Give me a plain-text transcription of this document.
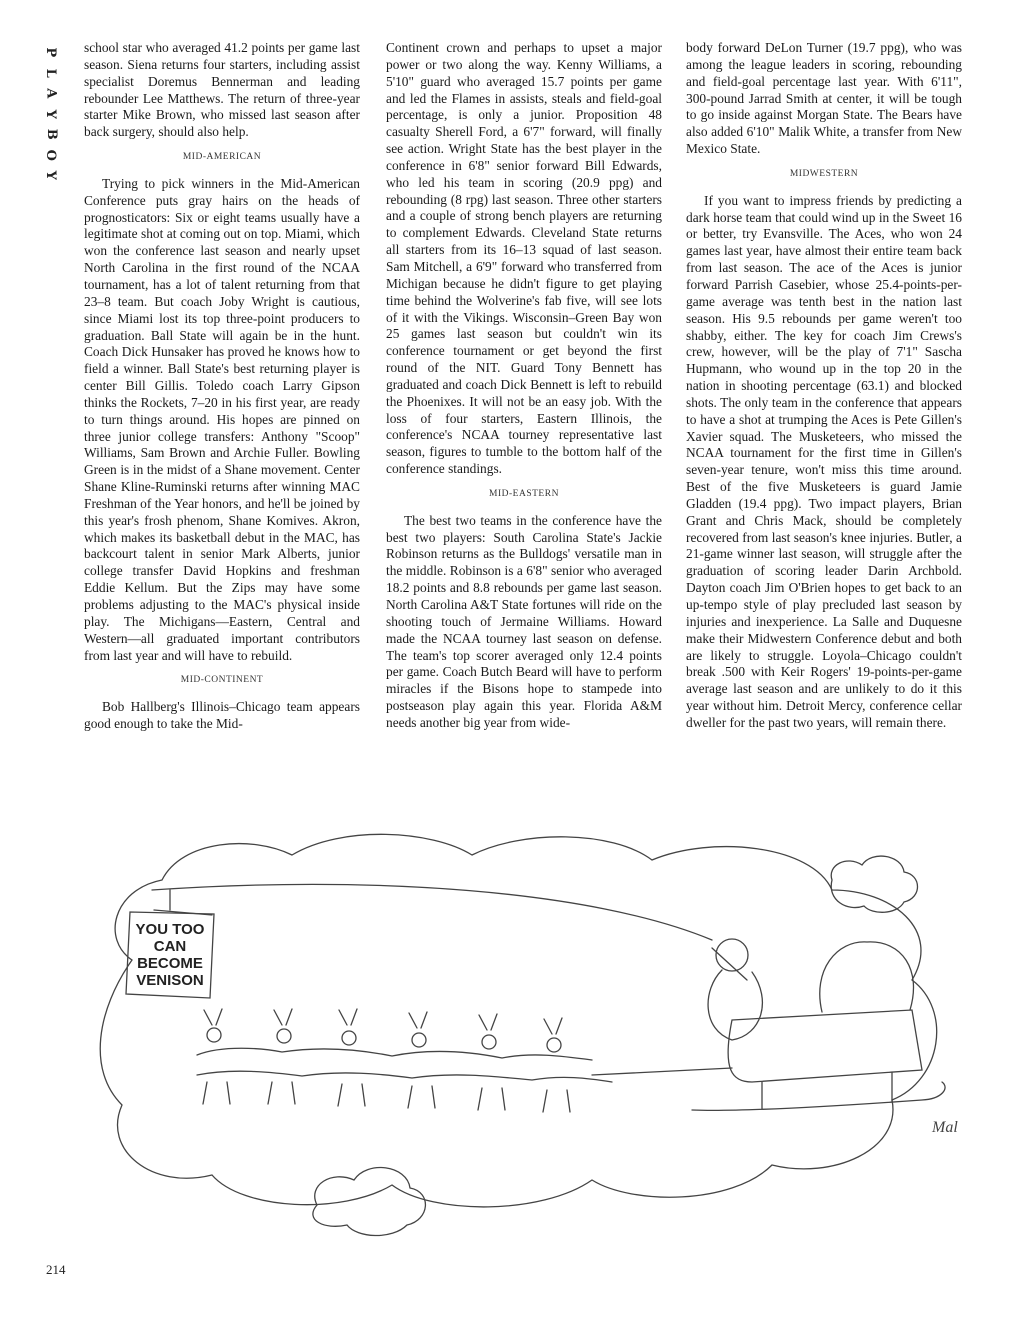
P
L
A
Y
B
O
Y

school star who averaged 41.2 points per game last season. Siena returns four starters, including assist specialist Doremus Bennerman and leading rebounder Lee Matthews. The return of three-year starter Mike Brown, who missed last season after back surgery, should also help.

MID-AMERICAN

Trying to pick winners in the Mid-American Conference puts gray hairs on the heads of prognosticators: Six or eight teams usually have a legitimate shot at coming out on top. Miami, which won the conference last season and nearly upset North Carolina in the first round of the NCAA tournament, has a lot of talent returning from that 23–8 team. But coach Joby Wright is cautious, since Miami lost its top three-point producers to graduation. Ball State will again be in the hunt. Coach Dick Hunsaker has proved he knows how to field a winner. Ball State's best returning player is center Bill Gillis. Toledo coach Larry Gipson thinks the Rockets, 7–20 in his first year, are ready to turn things around. His hopes are pinned on three junior college transfers: Anthony "Scoop" Williams, Sam Brown and Archie Fuller. Bowling Green is in the midst of a Shane movement. Center Shane Kline-Ruminski returns after winning MAC Freshman of the Year honors, and he'll be joined by this year's frosh phenom, Shane Komives. Akron, which makes its basketball debut in the MAC, has backcourt talent in senior Mark Alberts, junior college transfer David Hopkins and freshman Eddie Kellum. But the Zips may have some problems adjusting to the MAC's physical inside play. The Michigans—Eastern, Central and Western—all graduated important contributors from last year and will have to rebuild.

MID-CONTINENT

Bob Hallberg's Illinois–Chicago team appears good enough to take the Mid-

Continent crown and perhaps to upset a major power or two along the way. Kenny Williams, a 5'10" guard who averaged 15.7 points per game and led the Flames in assists, steals and field-goal percentage, is only a junior. Proposition 48 casualty Sherell Ford, a 6'7" forward, will finally see action. Wright State has the best player in the conference in 6'8" senior forward Bill Edwards, who led his team in scoring (20.9 ppg) and rebounding (8 rpg) last season. Three other starters and a couple of strong bench players are returning to complement Edwards. Cleveland State returns all starters from its 16–13 squad of last season. Sam Mitchell, a 6'9" forward who transferred from Michigan because he didn't figure to get playing time behind the Wolverine's fab five, will see lots of it with the Vikings. Wisconsin–Green Bay won 25 games last season but couldn't win its conference tournament or get beyond the first round of the NIT. Guard Tony Bennett has graduated and coach Dick Bennett is left to rebuild the Phoenixes. It will not be an easy job. With the loss of four starters, Eastern Illinois, the conference's NCAA tourney representative last season, figures to tumble to the bottom half of the conference standings.

MID-EASTERN

The best two teams in the conference have the best two players: South Carolina State's Jackie Robinson returns as the Bulldogs' versatile man in the middle. Robinson is a 6'8" senior who averaged 18.2 points and 8.8 rebounds per game last season. North Carolina A&T State fortunes will ride on the shooting touch of Jermaine Williams. Howard made the NCAA tourney last season on defense. The team's top scorer averaged only 12.4 points per game. Coach Butch Beard will have to perform miracles if the Bisons hope to stampede into postseason play again this year. Florida A&M needs another big year from wide-

body forward DeLon Turner (19.7 ppg), who was among the league leaders in scoring, rebounding and field-goal percentage last year. With 6'11", 300-pound Jarrad Smith at center, it will be tough to go inside against Morgan State. The Bears have also added 6'10" Malik White, a transfer from New Mexico State.

MIDWESTERN

If you want to impress friends by predicting a dark horse team that could wind up in the Sweet 16 or better, try Evansville. The Aces, who won 24 games last year, have almost their entire team back from last season. The ace of the Aces is junior forward Parrish Casebier, whose 25.4-points-per-game average was tenth best in the nation last season. His 9.5 rebounds per game weren't too shabby, either. The key for coach Jim Crews's crew, however, will be the play of 7'1" Sascha Hupmann, who wound up in the top 20 in the nation in shooting percentage (63.1) and blocked shots. The only team in the conference that appears to have a shot at trumping the Aces is Pete Gillen's Xavier squad. The Musketeers, who missed the NCAA tournament for the first time in Gillen's seven-year tenure, won't miss this time around. Best of the five Musketeers is guard Jamie Gladden (19.4 ppg). Two impact players, Brian Grant and Chris Mack, should be completely recovered from last season's knee injuries. Butler, a 21-game winner last season, will struggle after the graduation of scoring leader Darin Archbold. Dayton coach Jim O'Brien hopes to get back to an up-tempo style of play precluded last season by injuries and inexperience. La Salle and Duquesne make their Midwestern Conference debut and both are likely to struggle. Loyola–Chicago couldn't break .500 with Keir Rogers' 19-points-per-game average last season and are unlikely to do it this year without him. Detroit Mercy, conference cellar dweller for the past two years, will remain there.

YOU TOO
CAN
BECOME
VENISON
Mal
214
